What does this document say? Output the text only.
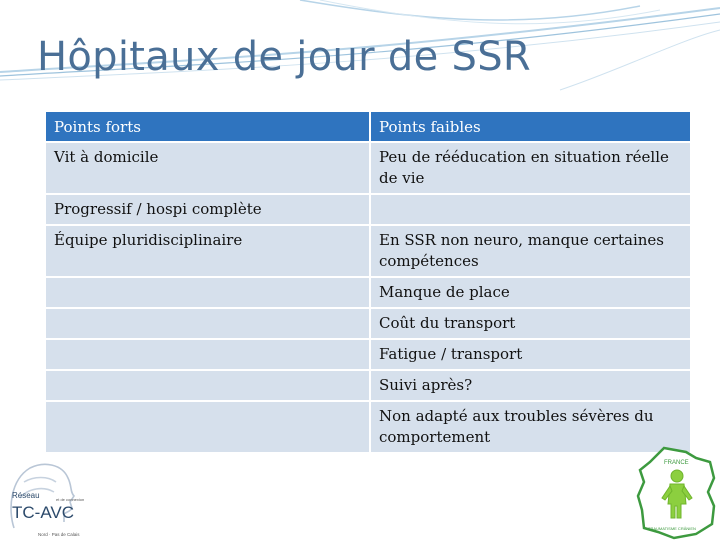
Hôpitaux de jour de SSR
Points forts	Points faibles
Vit à domicile	Peu de rééducation en situation réelle de vie
Progressif / hospi complète	
Équipe pluridisciplinaire	En SSR non neuro, manque certaines compétences
	Manque de place
	Coût du transport
	Fatigue / transport
	Suivi après?
	Non adapté aux troubles sévères du comportement
Réseau	et de connexion
TC-AVC
Nord · Pas de Calais
FRANCE
TRAUMATISME CRÂNIEN
